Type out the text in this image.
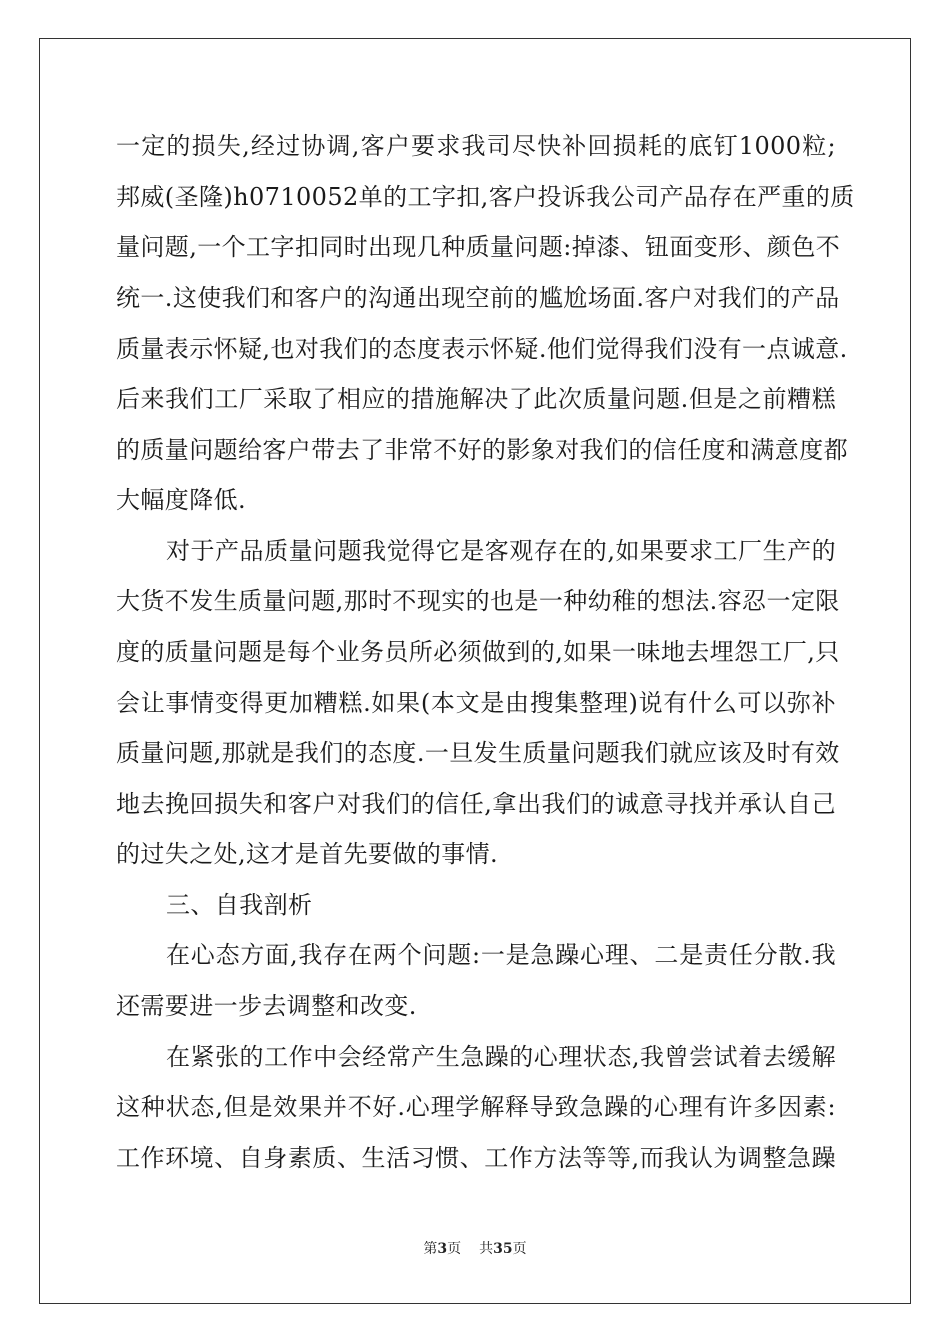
一定的损失,经过协调,客户要求我司尽快补回损耗的底钉1000粒;

邦威(圣隆)h0710052单的工字扣,客户投诉我公司产品存在严重的质

量问题,一个工字扣同时出现几种质量问题:掉漆、钮面变形、颜色不

统一.这使我们和客户的沟通出现空前的尴尬场面.客户对我们的产品

质量表示怀疑,也对我们的态度表示怀疑.他们觉得我们没有一点诚意.

后来我们工厂采取了相应的措施解决了此次质量问题.但是之前糟糕

的质量问题给客户带去了非常不好的影象对我们的信任度和满意度都

大幅度降低.

对于产品质量问题我觉得它是客观存在的,如果要求工厂生产的

大货不发生质量问题,那时不现实的也是一种幼稚的想法.容忍一定限

度的质量问题是每个业务员所必须做到的,如果一味地去埋怨工厂,只

会让事情变得更加糟糕.如果(本文是由搜集整理)说有什么可以弥补

质量问题,那就是我们的态度.一旦发生质量问题我们就应该及时有效

地去挽回损失和客户对我们的信任,拿出我们的诚意寻找并承认自己

的过失之处,这才是首先要做的事情.

三、自我剖析

在心态方面,我存在两个问题:一是急躁心理、二是责任分散.我

还需要进一步去调整和改变.

在紧张的工作中会经常产生急躁的心理状态,我曾尝试着去缓解

这种状态,但是效果并不好.心理学解释导致急躁的心理有许多因素:

工作环境、自身素质、生活习惯、工作方法等等,而我认为调整急躁

第3页 共35页
